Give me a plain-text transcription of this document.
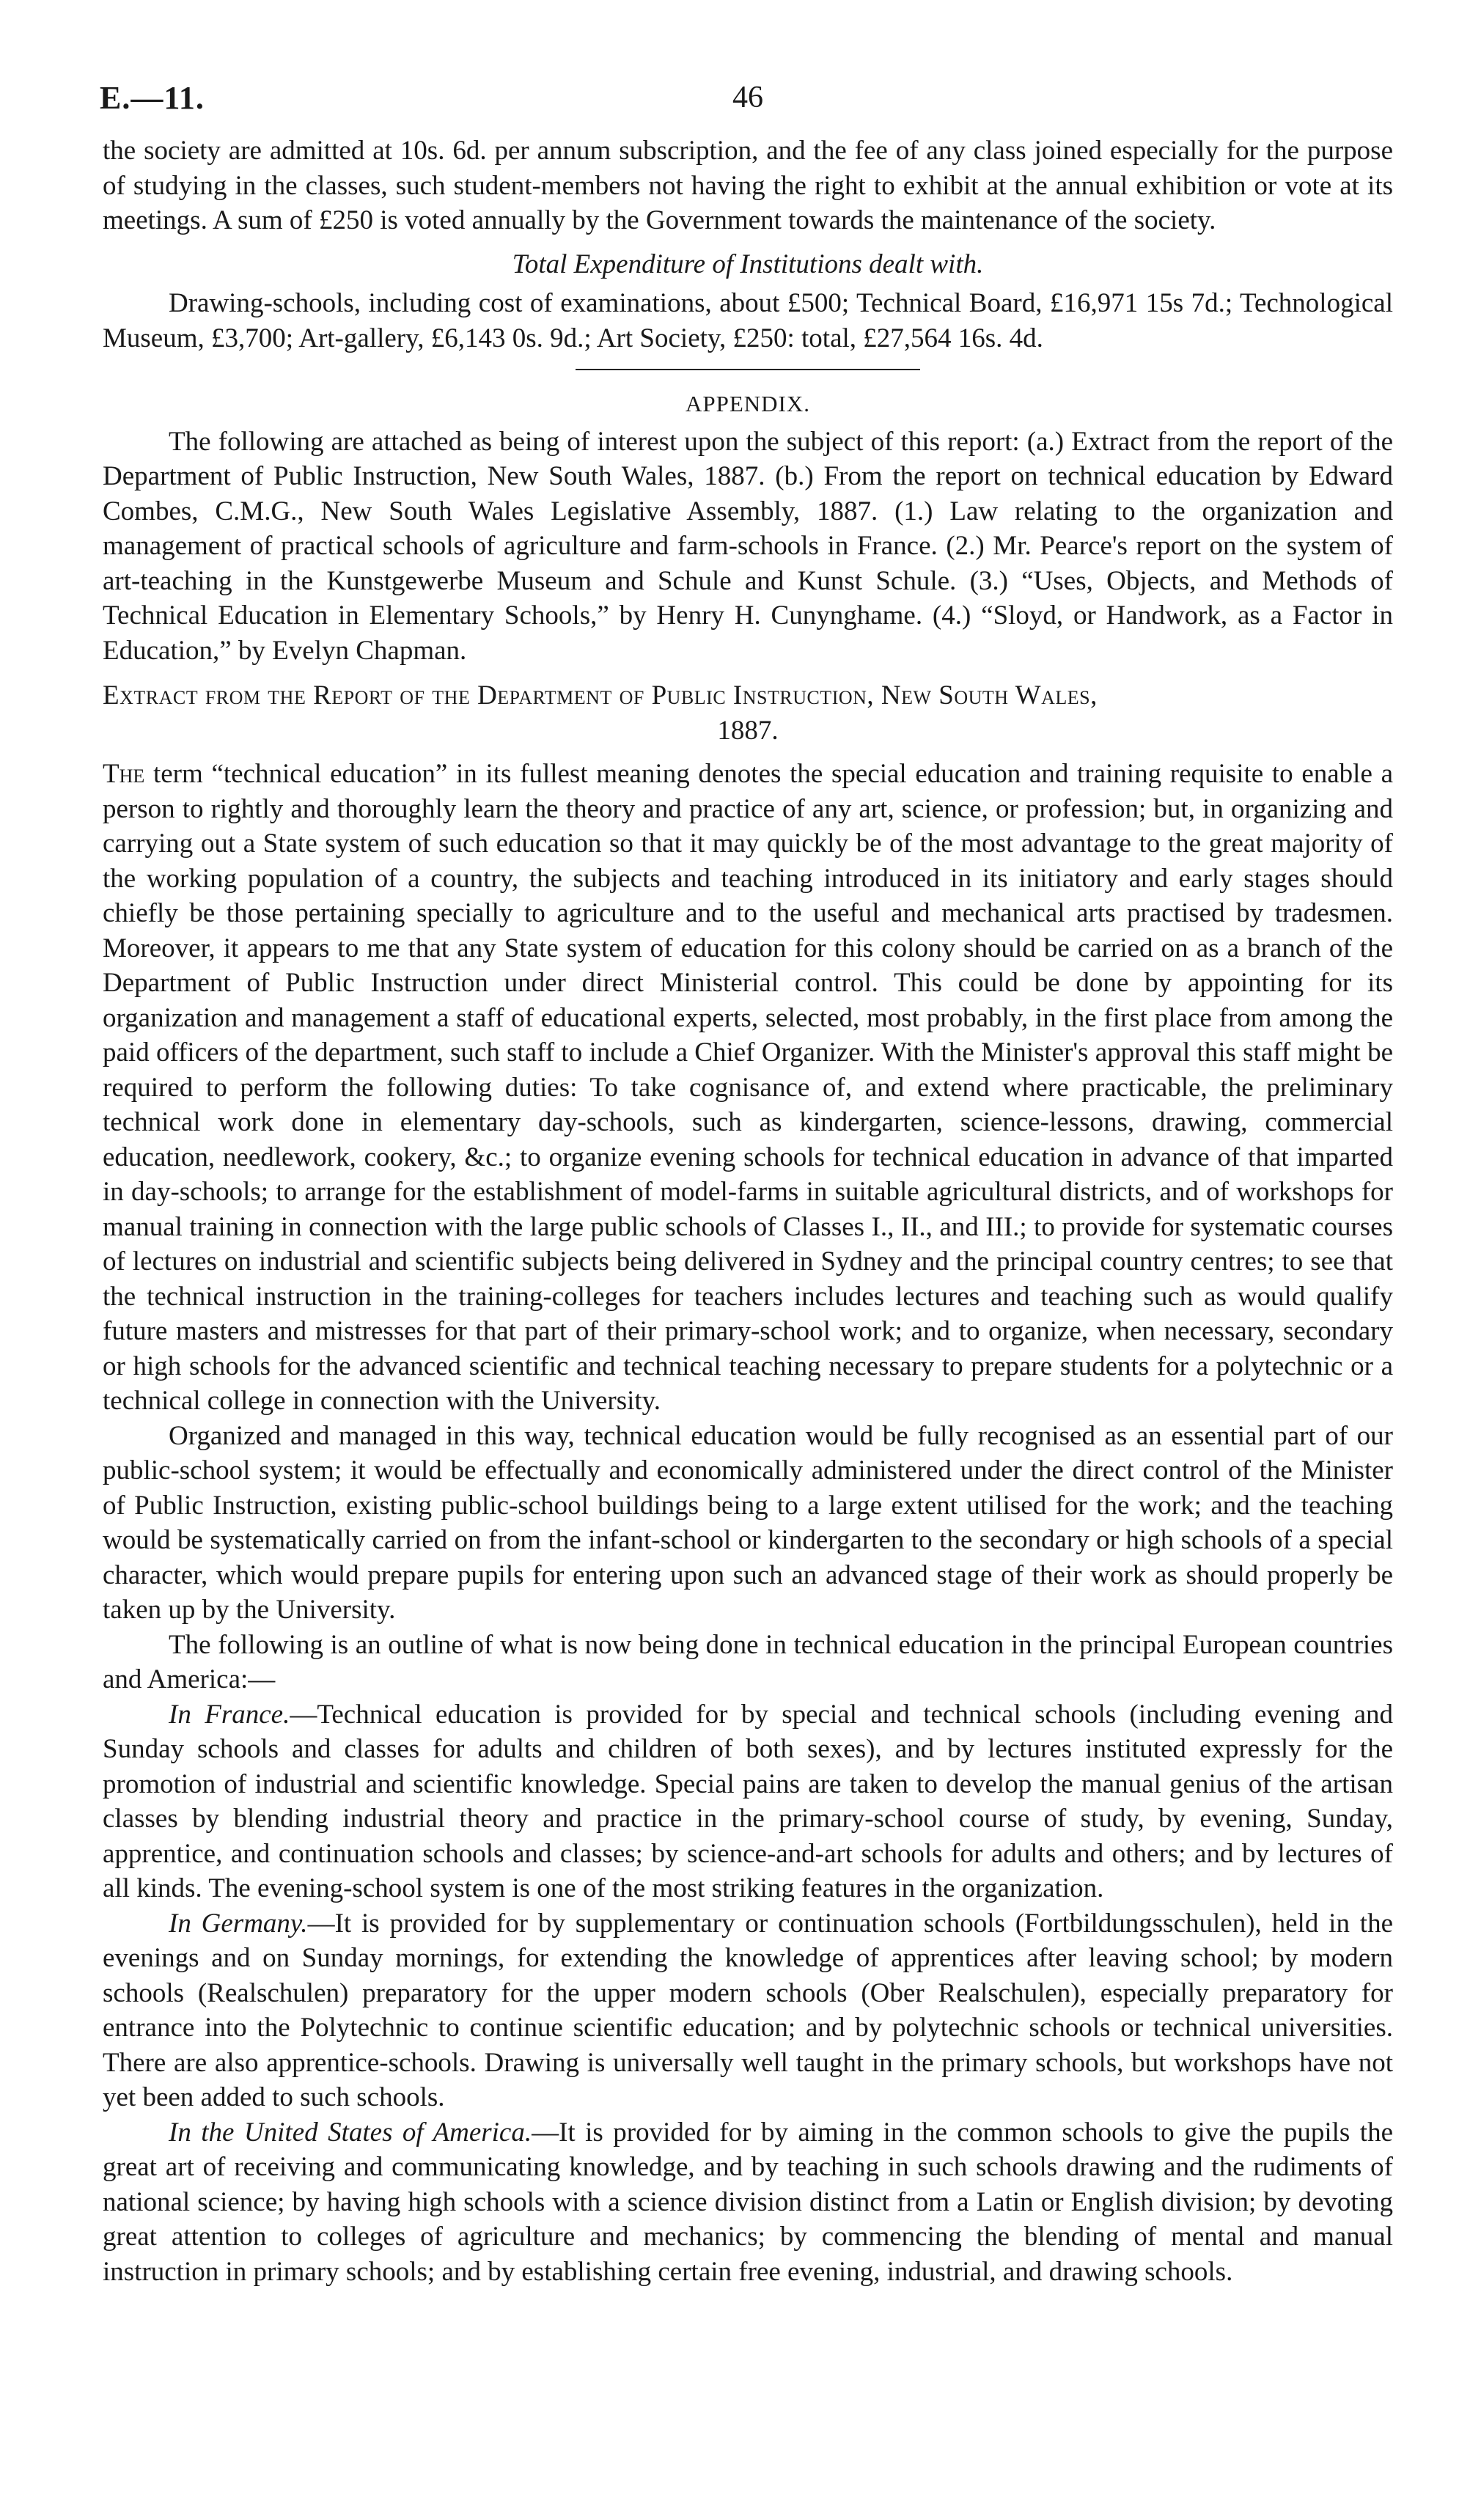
E.—11.	46

the society are admitted at 10s. 6d. per annum subscription, and the fee of any class joined especially for the purpose of studying in the classes, such student-members not having the right to exhibit at the annual exhibition or vote at its meetings. A sum of £250 is voted annually by the Government towards the maintenance of the society.

Total Expenditure of Institutions dealt with.

Drawing-schools, including cost of examinations, about £500; Technical Board, £16,971 15s 7d.; Technological Museum, £3,700; Art-gallery, £6,143 0s. 9d.; Art Society, £250: total, £27,564 16s. 4d.

APPENDIX.

The following are attached as being of interest upon the subject of this report: (a.) Extract from the report of the Department of Public Instruction, New South Wales, 1887. (b.) From the report on technical education by Edward Combes, C.M.G., New South Wales Legislative Assembly, 1887. (1.) Law relating to the organization and management of practical schools of agriculture and farm-schools in France. (2.) Mr. Pearce's report on the system of art-teaching in the Kunstgewerbe Museum and Schule and Kunst Schule. (3.) “Uses, Objects, and Methods of Technical Education in Elementary Schools,” by Henry H. Cunynghame. (4.) “Sloyd, or Handwork, as a Factor in Education,” by Evelyn Chapman.

Extract from the Report of the Department of Public Instruction, New South Wales,

1887.

The term “technical education” in its fullest meaning denotes the special education and training requisite to enable a person to rightly and thoroughly learn the theory and practice of any art, science, or profession; but, in organizing and carrying out a State system of such education so that it may quickly be of the most advantage to the great majority of the working population of a country, the subjects and teaching introduced in its initiatory and early stages should chiefly be those pertaining specially to agriculture and to the useful and mechanical arts practised by tradesmen. Moreover, it appears to me that any State system of education for this colony should be carried on as a branch of the Department of Public Instruction under direct Ministerial control. This could be done by appointing for its organization and management a staff of educational experts, selected, most probably, in the first place from among the paid officers of the department, such staff to include a Chief Organizer. With the Minister's approval this staff might be required to perform the following duties: To take cognisance of, and extend where practicable, the preliminary technical work done in elementary day-schools, such as kindergarten, science-lessons, drawing, commercial education, needlework, cookery, &c.; to organize evening schools for technical education in advance of that imparted in day-schools; to arrange for the establishment of model-farms in suitable agricultural districts, and of workshops for manual training in connection with the large public schools of Classes I., II., and III.; to provide for systematic courses of lectures on industrial and scientific subjects being delivered in Sydney and the principal country centres; to see that the technical instruction in the training-colleges for teachers includes lectures and teaching such as would qualify future masters and mistresses for that part of their primary-school work; and to organize, when necessary, secondary or high schools for the advanced scientific and technical teaching necessary to prepare students for a polytechnic or a technical college in connection with the University.

Organized and managed in this way, technical education would be fully recognised as an essential part of our public-school system; it would be effectually and economically administered under the direct control of the Minister of Public Instruction, existing public-school buildings being to a large extent utilised for the work; and the teaching would be systematically carried on from the infant-school or kindergarten to the secondary or high schools of a special character, which would prepare pupils for entering upon such an advanced stage of their work as should properly be taken up by the University.

The following is an outline of what is now being done in technical education in the principal European countries and America:—

In France.—Technical education is provided for by special and technical schools (including evening and Sunday schools and classes for adults and children of both sexes), and by lectures instituted expressly for the promotion of industrial and scientific knowledge. Special pains are taken to develop the manual genius of the artisan classes by blending industrial theory and practice in the primary-school course of study, by evening, Sunday, apprentice, and continuation schools and classes; by science-and-art schools for adults and others; and by lectures of all kinds. The evening-school system is one of the most striking features in the organization.

In Germany.—It is provided for by supplementary or continuation schools (Fortbildungsschulen), held in the evenings and on Sunday mornings, for extending the knowledge of apprentices after leaving school; by modern schools (Realschulen) preparatory for the upper modern schools (Ober Realschulen), especially preparatory for entrance into the Polytechnic to continue scientific education; and by polytechnic schools or technical universities. There are also apprentice-schools. Drawing is universally well taught in the primary schools, but workshops have not yet been added to such schools.

In the United States of America.—It is provided for by aiming in the common schools to give the pupils the great art of receiving and communicating knowledge, and by teaching in such schools drawing and the rudiments of national science; by having high schools with a science division distinct from a Latin or English division; by devoting great attention to colleges of agriculture and mechanics; by commencing the blending of mental and manual instruction in primary schools; and by establishing certain free evening, industrial, and drawing schools.
